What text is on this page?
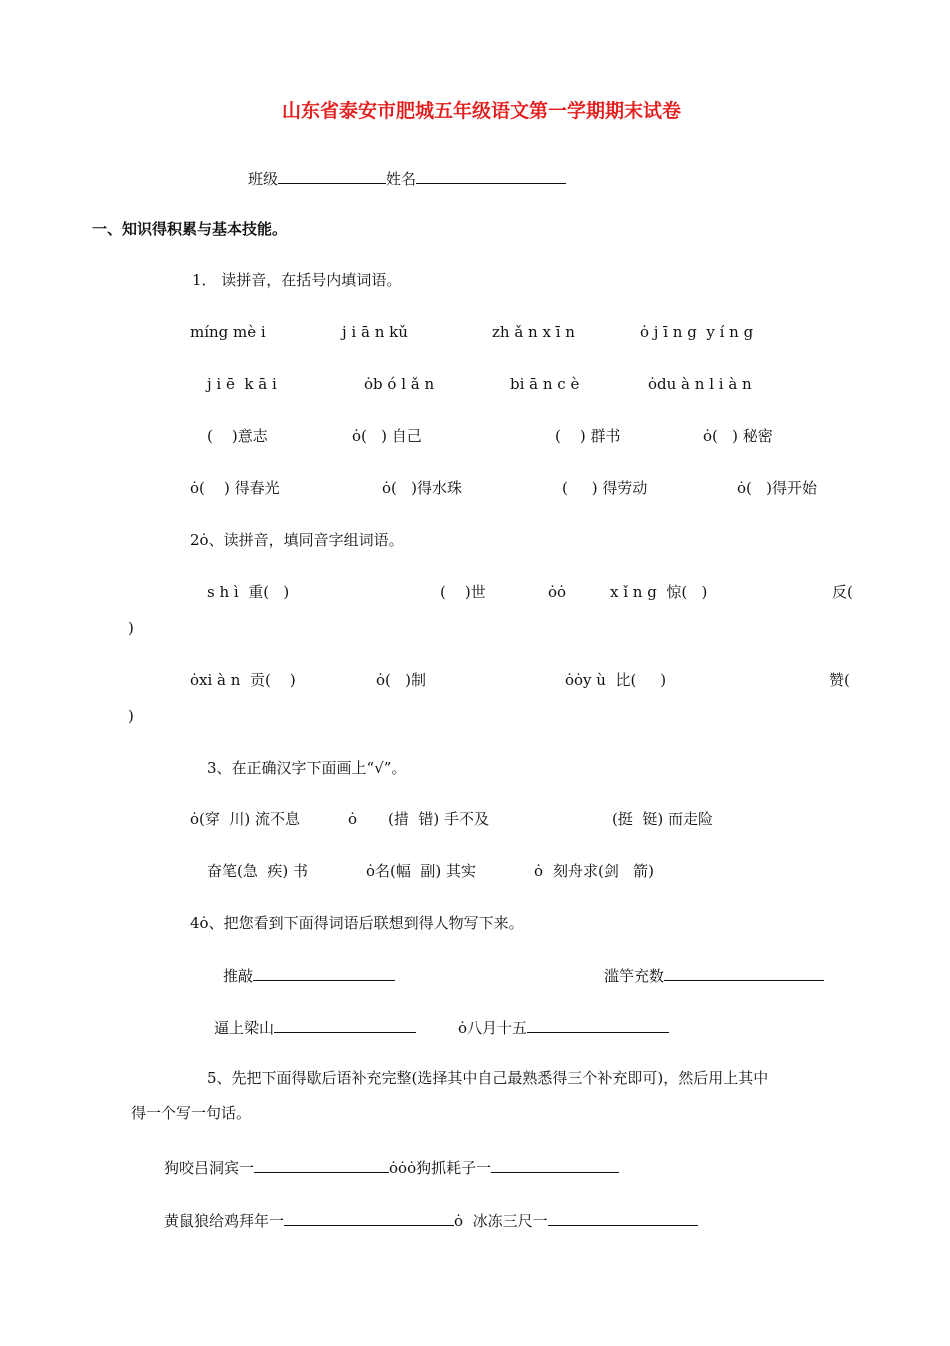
山东省泰安市肥城五年级语文第一学期期末试卷
班级	姓名
一、知识得积累与基本技能。
1． 读拼音，在括号内填词语。
míng mè i	j i ā n kǔ	zh ǎ n x ī n	ȯ j ī n g  y í n g
j i ē  k ā i	ȯb ó l ǎ n	bi ā n c è	ȯdu à n l i à n
(    )意志	ȯ(   ) 自己	(    ) 群书	ȯ(   ) 秘密
ȯ(    ) 得春光	ȯ(   )得水珠	(     ) 得劳动	ȯ(   )得开始
2ȯ、读拼音，填同音字组词语。
s h ì  重(   )	(    )世	ȯȯ	x ǐ n g  惊(   )	反(
)
ȯxi à n  贡(    )	ȯ(   )制	ȯȯy ù  比(     )	赞(
)
3、在正确汉字下面画上“√”。
ȯ(穿  川) 流不息	ȯ (措  错) 手不及	(挺  铤) 而走险
奋笔(急  疾) 书	ȯ名(幅  副) 其实	ȯ 刻舟求(剑   箭)
4ȯ、把您看到下面得词语后联想到得人物写下来。
推敲	滥竽充数
逼上梁山	ȯ八月十五
5、先把下面得歇后语补充完整(选择其中自己最熟悉得三个补充即可)，然后用上其中
得一个写一句话。
狗咬吕洞宾一	ȯȯȯ狗抓耗子一
黄鼠狼给鸡拜年一	ȯ  冰冻三尺一
